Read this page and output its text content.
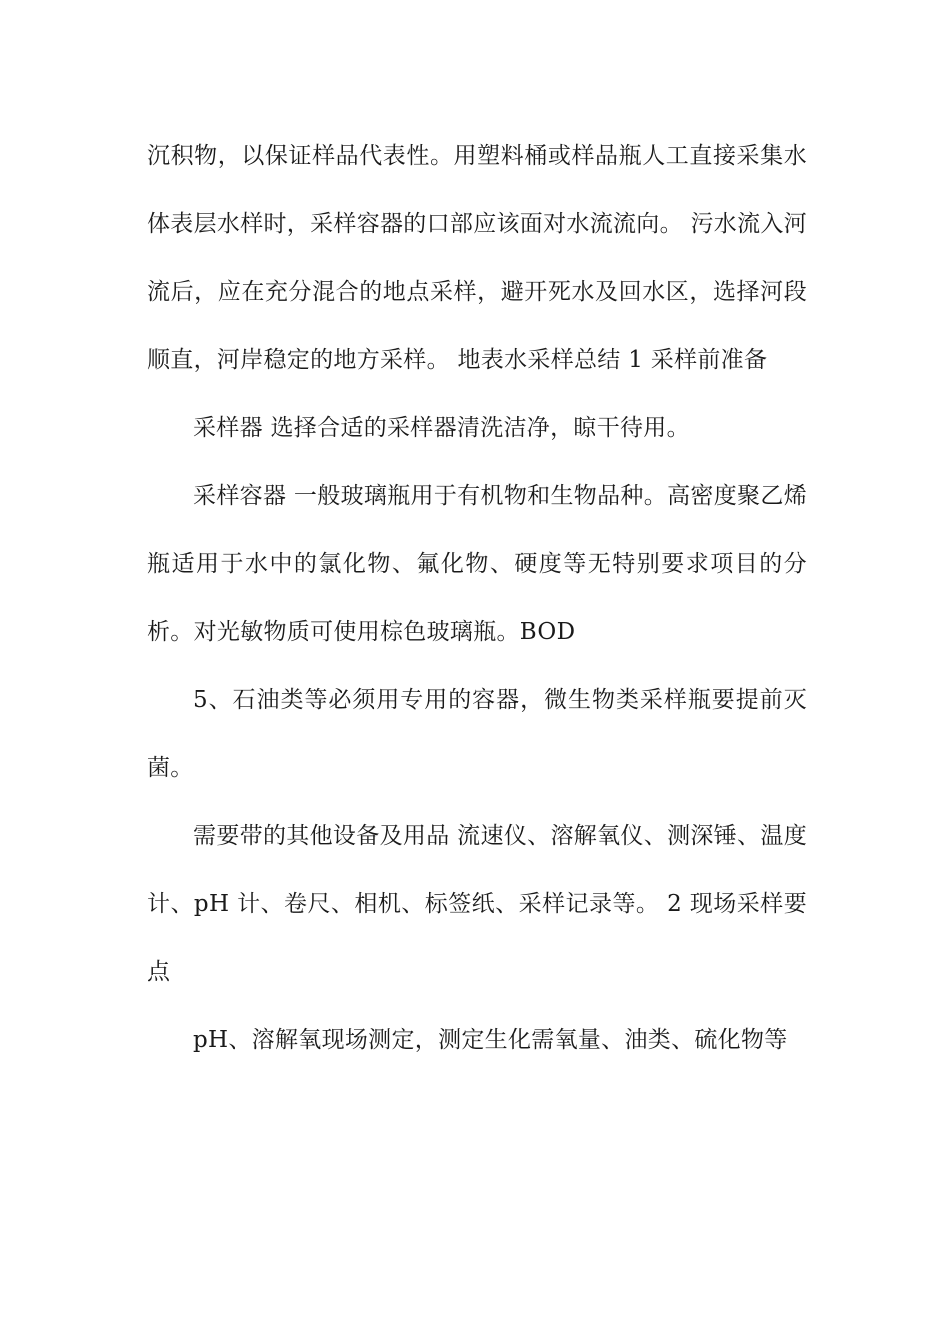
沉积物，以保证样品代表性。用塑料桶或样品瓶人工直接采集水体表层水样时，采样容器的口部应该面对水流流向。 污水流入河流后，应在充分混合的地点采样，避开死水及回水区，选择河段顺直，河岸稳定的地方采样。 地表水采样总结 1 采样前准备

采样器 选择合适的采样器清洗洁净，晾干待用。

采样容器 一般玻璃瓶用于有机物和生物品种。高密度聚乙烯瓶适用于水中的氯化物、氟化物、硬度等无特别要求项目的分析。对光敏物质可使用棕色玻璃瓶。BOD

5、石油类等必须用专用的容器，微生物类采样瓶要提前灭菌。

需要带的其他设备及用品 流速仪、溶解氧仪、测深锤、温度计、pH 计、卷尺、相机、标签纸、采样记录等。 2 现场采样要点

pH、溶解氧现场测定，测定生化需氧量、油类、硫化物等
